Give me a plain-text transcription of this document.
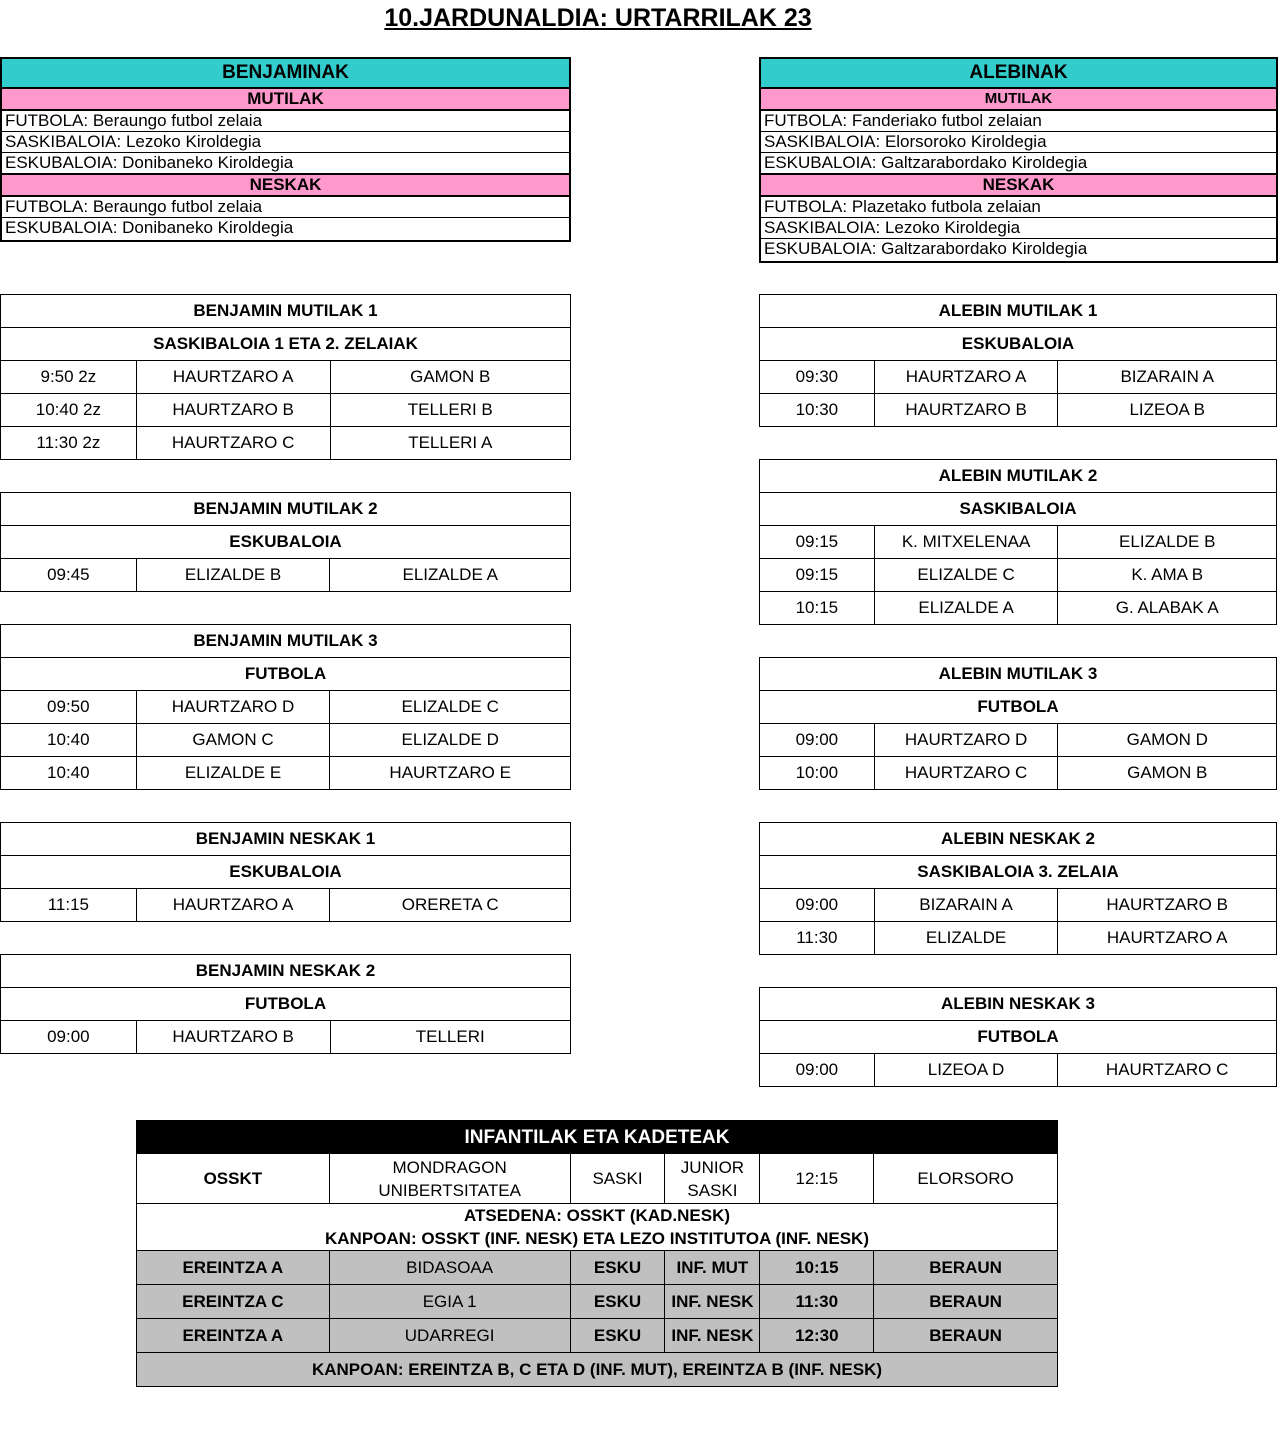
10.JARDUNALDIA: URTARRILAK 23
BENJAMINAK
MUTILAK
FUTBOLA: Beraungo futbol zelaia
SASKIBALOIA: Lezoko Kiroldegia
ESKUBALOIA: Donibaneko Kiroldegia
NESKAK
FUTBOLA: Beraungo futbol zelaia
ESKUBALOIA: Donibaneko Kiroldegia
ALEBINAK
MUTILAK
FUTBOLA: Fanderiako futbol zelaian
SASKIBALOIA: Elorsoroko Kiroldegia
ESKUBALOIA: Galtzarabordako Kiroldegia
NESKAK
FUTBOLA: Plazetako futbola zelaian
SASKIBALOIA: Lezoko Kiroldegia
ESKUBALOIA: Galtzarabordako Kiroldegia
BENJAMIN MUTILAK 1		
SASKIBALOIA 1 ETA 2. ZELAIAK		
9:50 2z	HAURTZARO A	GAMON B
10:40 2z	HAURTZARO B	TELLERI B
11:30 2z	HAURTZARO C	TELLERI A
BENJAMIN MUTILAK 2
ESKUBALOIA
09:45	ELIZALDE B	ELIZALDE A
BENJAMIN MUTILAK 3		
FUTBOLA		
09:50	HAURTZARO D	ELIZALDE C
10:40	GAMON C	ELIZALDE D
10:40	ELIZALDE E	HAURTZARO E
BENJAMIN NESKAK 1
ESKUBALOIA
11:15	HAURTZARO A	ORERETA C
BENJAMIN NESKAK 2
FUTBOLA
09:00	HAURTZARO B	TELLERI
ALEBIN MUTILAK 1		
ESKUBALOIA		
09:30	HAURTZARO A	BIZARAIN A
10:30	HAURTZARO B	LIZEOA B
ALEBIN MUTILAK 2		
SASKIBALOIA		
09:15	K. MITXELENAA	ELIZALDE B
09:15	ELIZALDE C	K. AMA B
10:15	ELIZALDE A	G. ALABAK A
ALEBIN MUTILAK 3		
FUTBOLA		
09:00	HAURTZARO D	GAMON D
10:00	HAURTZARO C	GAMON B
ALEBIN NESKAK 2		
SASKIBALOIA 3. ZELAIA		
09:00	BIZARAIN A	HAURTZARO B
11:30	ELIZALDE	HAURTZARO A
ALEBIN NESKAK 3
FUTBOLA
09:00	LIZEOA D	HAURTZARO C
INFANTILAK ETA KADETEAK					
OSSKT	MONDRAGON UNIBERTSITATEA	SASKI	JUNIOR SASKI	12:15	ELORSORO

ATSEDENA: OSSKT (KAD.NESK)
KANPOAN: OSSKT (INF. NESK) ETA LEZO INSTITUTOA (INF. NESK)					

EREINTZA A	BIDASOAA	ESKU	INF. MUT	10:15	BERAUN
EREINTZA C	EGIA 1	ESKU	INF. NESK	11:30	BERAUN
EREINTZA A	UDARREGI	ESKU	INF. NESK	12:30	BERAUN
KANPOAN: EREINTZA B, C ETA D (INF. MUT), EREINTZA B (INF. NESK)					
